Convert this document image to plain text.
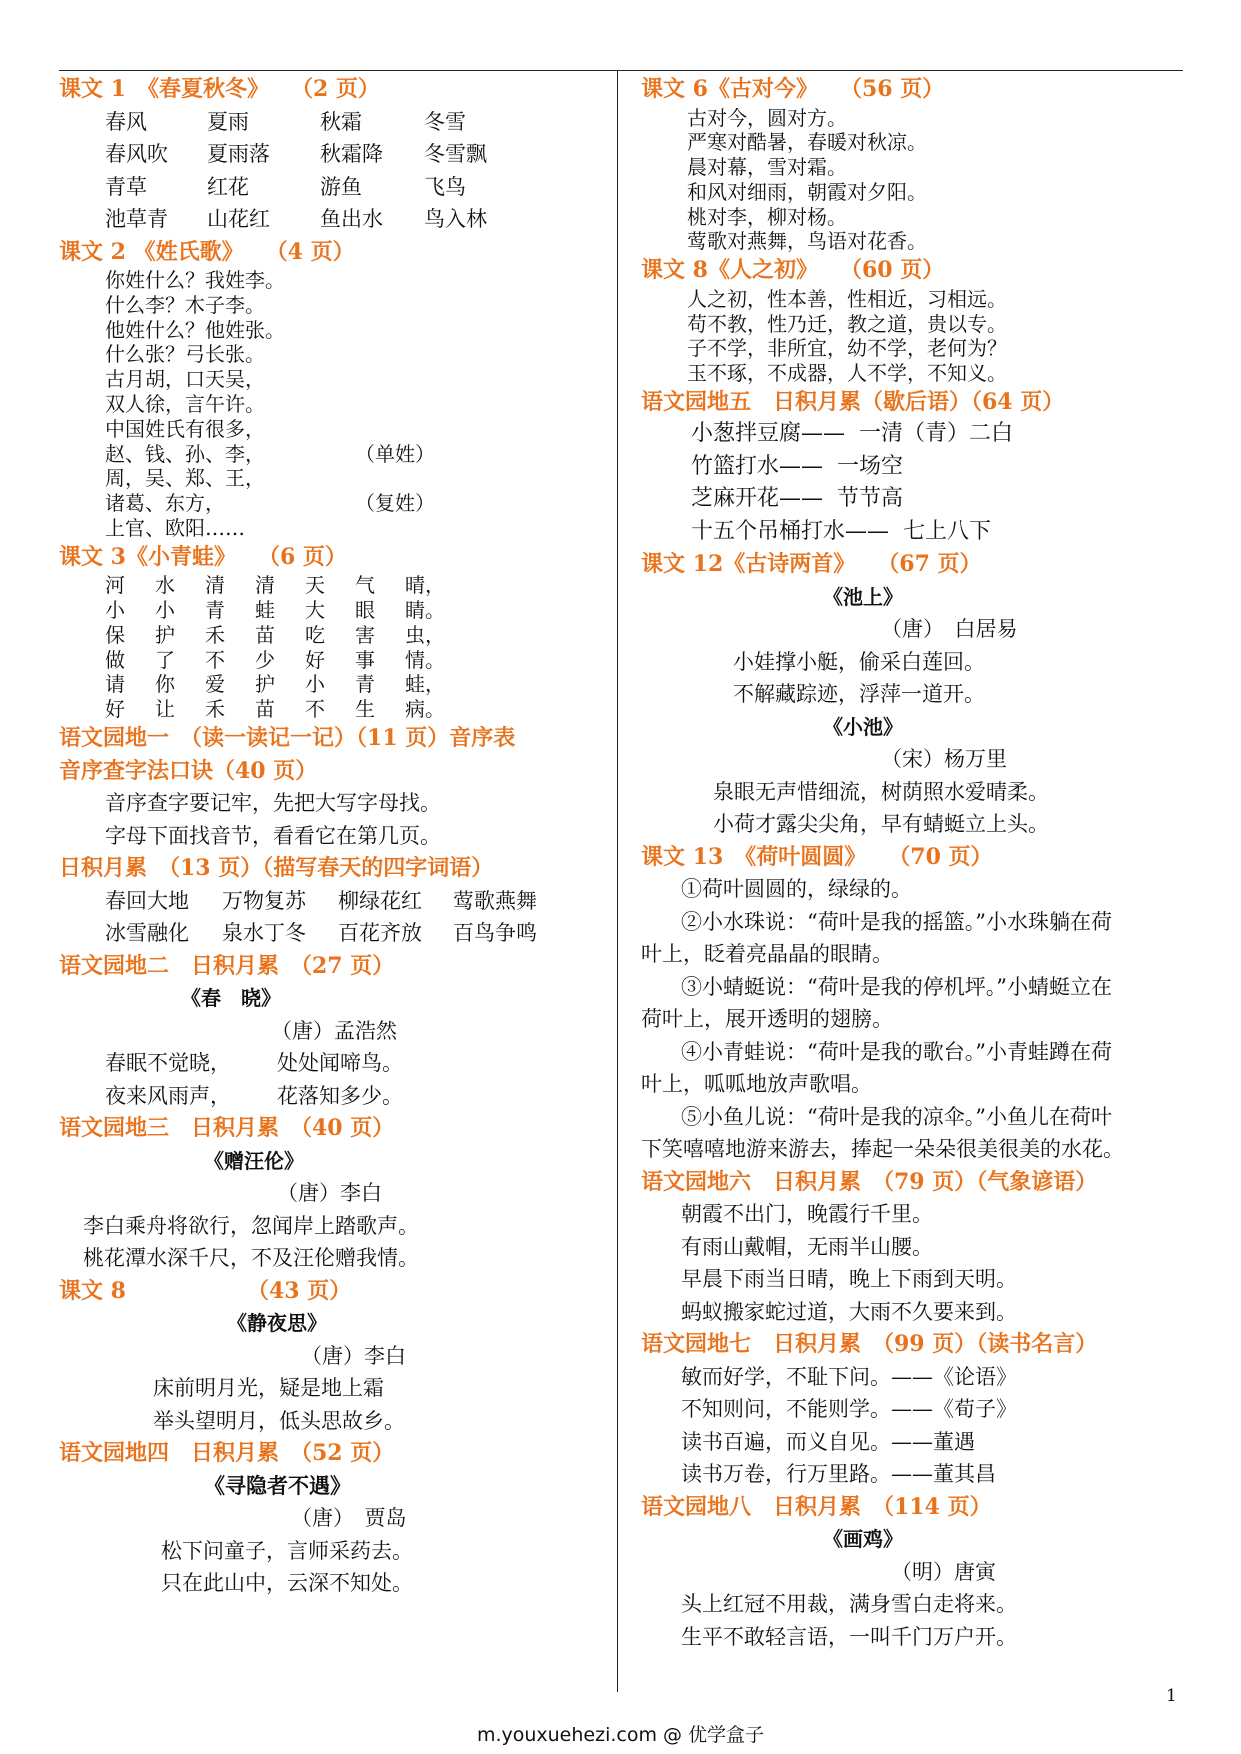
课文 1　《春夏秋冬》　　（2 页）
春风	夏雨	秋霜	冬雪
春风吹	夏雨落	秋霜降	冬雪飘
青草	红花	游鱼	飞鸟
池草青	山花红	鱼出水	鸟入林
课文 2 《姓氏歌》　　（4 页）
你姓什么？我姓李。
什么李？木子李。
他姓什么？他姓张。
什么张？弓长张。
古月胡，口天吴，
双人徐，言午许。
中国姓氏有很多，
赵、钱、孙、李，	（单姓）
周，吴、郑、王，
诸葛、东方，	（复姓）
上官、欧阳……
课文 3《小青蛙》　　（6 页）
河 水 清 清 天 气 晴，
小 小 青 蛙 大 眼 睛。
保 护 禾 苗 吃 害 虫，
做 了 不 少 好 事 情。
请 你 爱 护 小 青 蛙，
好 让 禾 苗 不 生 病。
语文园地一　（读一读记一记）（11 页）音序表
音序查字法口诀（40 页）
音序查字要记牢，先把大写字母找。
字母下面找音节，看看它在第几页。
日积月累　（13 页）（描写春天的四字词语）
春回大地	万物复苏	柳绿花红	莺歌燕舞
冰雪融化	泉水丁冬	百花齐放	百鸟争鸣
语文园地二　日积月累　（27 页）
《春　晓》
（唐）孟浩然
春眠不觉晓， 处处闻啼鸟。
夜来风雨声， 花落知多少。
语文园地三　日积月累　（40 页）
《赠汪伦》
（唐）李白
李白乘舟将欲行，忽闻岸上踏歌声。
桃花潭水深千尺，不及汪伦赠我情。
课文 8　　　　　　（43 页）
《静夜思》
（唐）李白
床前明月光，疑是地上霜
举头望明月，低头思故乡。
语文园地四　日积月累　（52 页）
《寻隐者不遇》
（唐）　贾岛
松下问童子，言师采药去。
只在此山中，云深不知处。
课文 6《古对今》　　（56 页）
古对今，圆对方。
严寒对酷暑，春暖对秋凉。
晨对幕，雪对霜。
和风对细雨，朝霞对夕阳。
桃对李，柳对杨。
莺歌对燕舞，鸟语对花香。
课文 8《人之初》　　（60 页）
人之初，性本善，性相近，习相远。
苟不教，性乃迁，教之道，贵以专。
子不学，非所宜，幼不学，老何为？
玉不琢，不成器，人不学，不知义。
语文园地五　日积月累（歇后语）（64 页）
小葱拌豆腐——  一清（青）二白
竹篮打水——  一场空
芝麻开花——  节节高
十五个吊桶打水——  七上八下
课文 12《古诗两首》　　（67 页）
《池上》
（唐）　白居易
小娃撑小艇，偷采白莲回。
不解藏踪迹，浮萍一道开。
《小池》
（宋）杨万里
泉眼无声惜细流，树荫照水爱晴柔。
小荷才露尖尖角，早有蜻蜓立上头。
课文 13　《荷叶圆圆》　　（70 页）
①荷叶圆圆的，绿绿的。
②小水珠说：“荷叶是我的摇篮。”小水珠躺在荷
叶上，眨着亮晶晶的眼睛。
③小蜻蜓说：“荷叶是我的停机坪。”小蜻蜓立在
荷叶上，展开透明的翅膀。
④小青蛙说：“荷叶是我的歌台。”小青蛙蹲在荷
叶上，呱呱地放声歌唱。
⑤小鱼儿说：“荷叶是我的凉伞。”小鱼儿在荷叶
下笑嘻嘻地游来游去，捧起一朵朵很美很美的水花。
语文园地六　日积月累　（79 页）（气象谚语）
朝霞不出门，晚霞行千里。
有雨山戴帽，无雨半山腰。
早晨下雨当日晴，晚上下雨到天明。
蚂蚁搬家蛇过道，大雨不久要来到。
语文园地七　日积月累　（99 页）（读书名言）
敏而好学，不耻下问。——《论语》
不知则问，不能则学。——《荀子》
读书百遍，而义自见。——董遇
读书万卷，行万里路。——董其昌
语文园地八　日积月累　（114 页）
《画鸡》
（明）唐寅
头上红冠不用裁，满身雪白走将来。
生平不敢轻言语，一叫千门万户开。
1
m.youxuehezi.com @ 优学盒子
